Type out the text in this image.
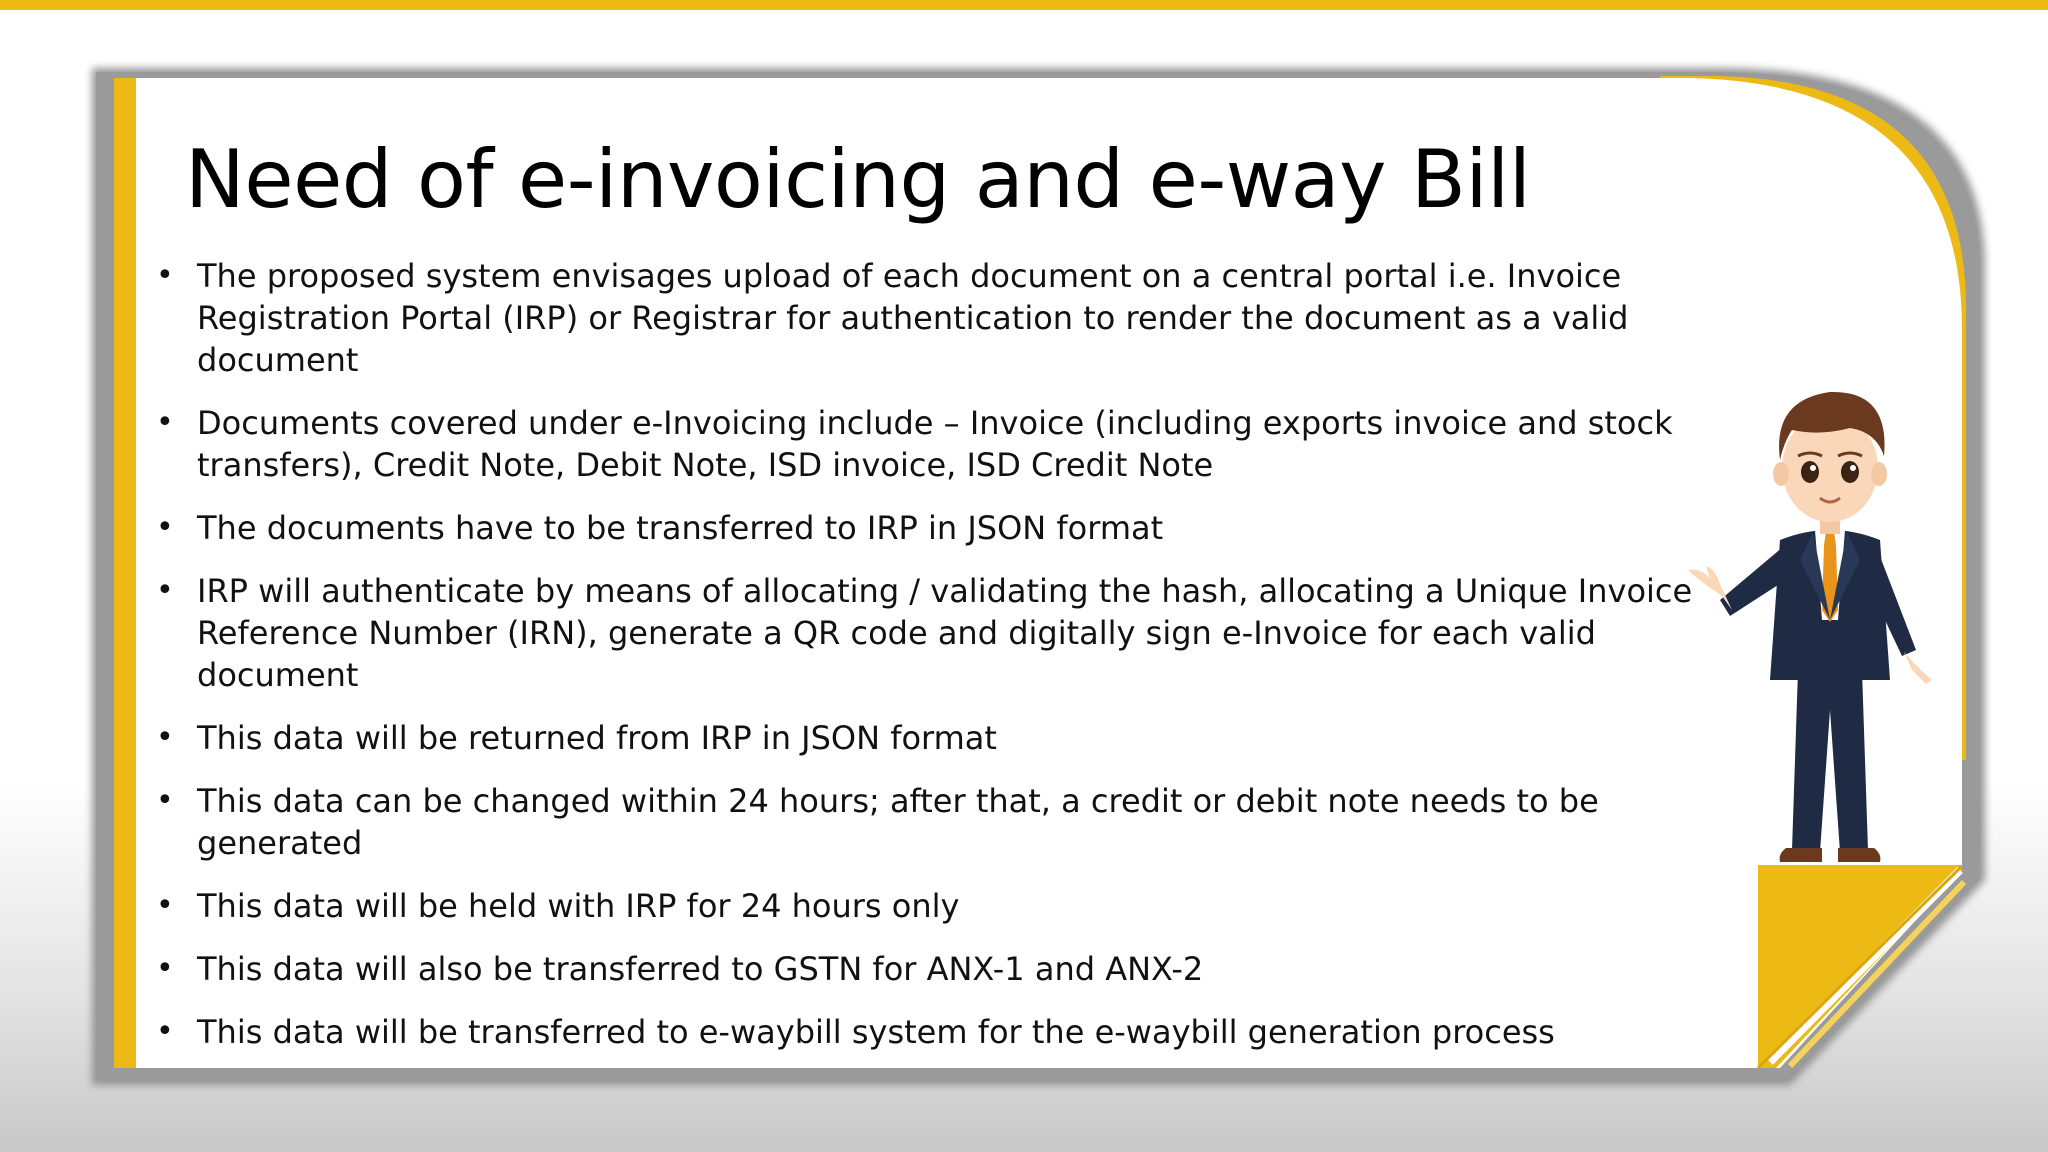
Need of e-invoicing and e-way Bill
• The proposed system envisages upload of each document on a central portal i.e. Invoice Registration Portal (IRP) or Registrar for authentication to render the document as a valid document
• Documents covered under e-Invoicing include – Invoice (including exports invoice and stock transfers), Credit Note, Debit Note, ISD invoice, ISD Credit Note
• The documents have to be transferred to IRP in JSON format
• IRP will authenticate by means of allocating / validating the hash, allocating a Unique Invoice Reference Number (IRN), generate a QR code and digitally sign e-Invoice for each valid document
• This data will be returned from IRP in JSON format
• This data can be changed within 24 hours; after that, a credit or debit note needs to be generated
• This data will be held with IRP for 24 hours only
• This data will also be transferred to GSTN for ANX-1 and ANX-2
• This data will be transferred to e-waybill system for the e-waybill generation process
